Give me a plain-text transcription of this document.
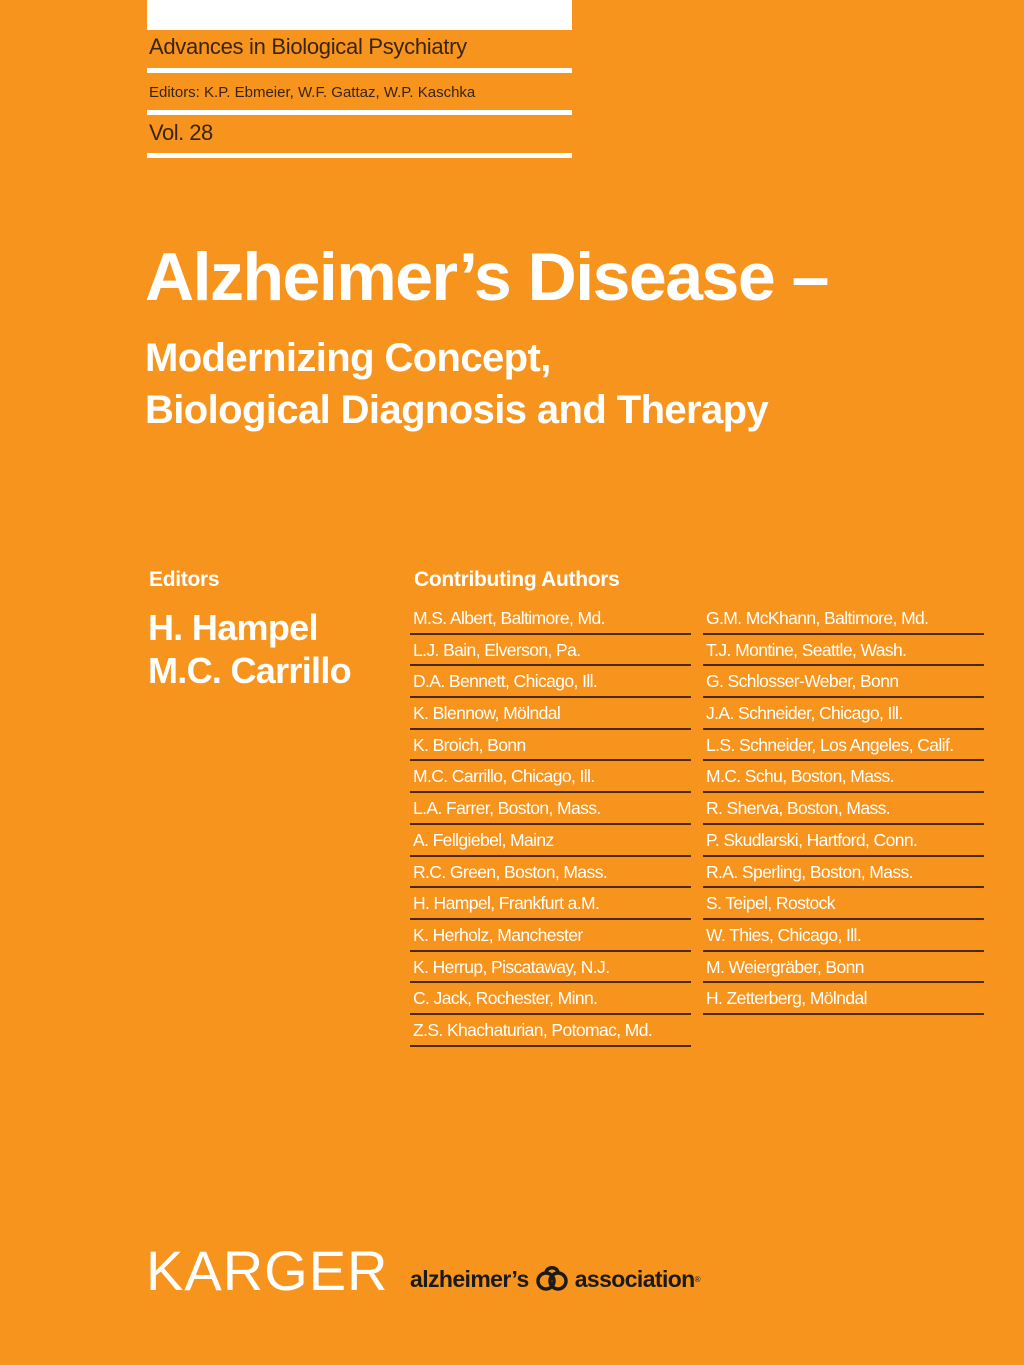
Advances in Biological Psychiatry
Editors: K.P. Ebmeier, W.F. Gattaz, W.P. Kaschka
Vol. 28
Alzheimer’s Disease –
Modernizing Concept,
Biological Diagnosis and Therapy
Editors
H. Hampel
M.C. Carrillo
Contributing Authors
M.S. Albert, Baltimore, Md.
L.J. Bain, Elverson, Pa.
D.A. Bennett, Chicago, Ill.
K. Blennow, Mölndal
K. Broich, Bonn
M.C. Carrillo, Chicago, Ill.
L.A. Farrer, Boston, Mass.
A. Fellgiebel, Mainz
R.C. Green, Boston, Mass.
H. Hampel, Frankfurt a.M.
K. Herholz, Manchester
K. Herrup, Piscataway, N.J.
C. Jack, Rochester, Minn.
Z.S. Khachaturian, Potomac, Md.
G.M. McKhann, Baltimore, Md.
T.J. Montine, Seattle, Wash.
G. Schlosser-Weber, Bonn
J.A. Schneider, Chicago, Ill.
L.S. Schneider, Los Angeles, Calif.
M.C. Schu, Boston, Mass.
R. Sherva, Boston, Mass.
P. Skudlarski, Hartford, Conn.
R.A. Sperling, Boston, Mass.
S. Teipel, Rostock
W. Thies, Chicago, Ill.
M. Weiergräber, Bonn
H. Zetterberg, Mölndal
KARGER alzheimer’s association ®
